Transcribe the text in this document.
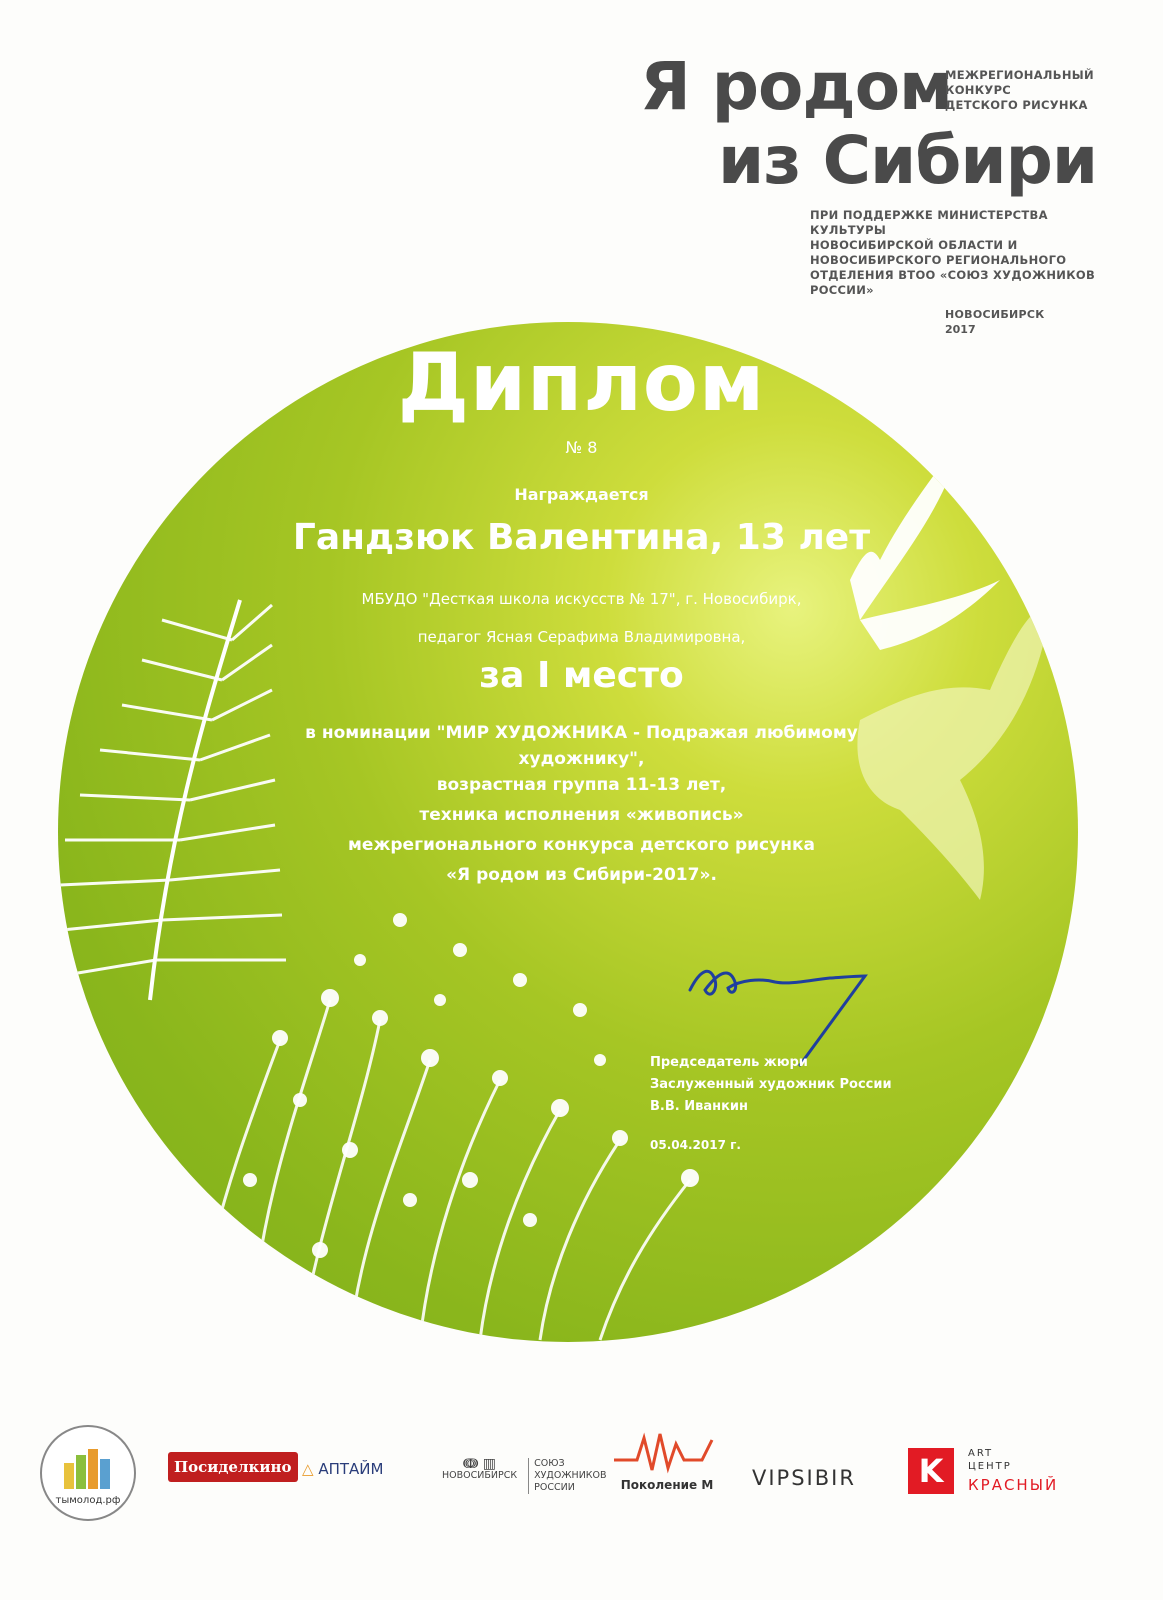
Я родом
из Сибири
МЕЖРЕГИОНАЛЬНЫЙ
КОНКУРС
ДЕТСКОГО РИСУНКА
ПРИ ПОДДЕРЖКЕ МИНИСТЕРСТВА КУЛЬТУРЫ
НОВОСИБИРСКОЙ ОБЛАСТИ И
НОВОСИБИРСКОГО РЕГИОНАЛЬНОГО
ОТДЕЛЕНИЯ ВТОО «СОЮЗ ХУДОЖНИКОВ
РОССИИ»
НОВОСИБИРСК
2017
Диплом
№ 8
Награждается
Гандзюк Валентина, 13 лет
МБУДО "Десткая школа искусств № 17", г. Новосибирк,
педагог Ясная Серафима Владимировна,
за I место
в номинации "МИР ХУДОЖНИКА - Подражая любимому
художнику",
возрастная группа 11-13 лет,
техника исполнения «живопись»
межрегионального конкурса детского рисунка
«Я родом из Сибири-2017».
Председатель жюри
Заслуженный художник России
В.В. Иванкин
05.04.2017 г.
тымолод.рф
Посиделкино △ АПТАЙМ	ↈ ▥
НОВОСИБИРСК

СОЮЗ
ХУДОЖНИКОВ
РОССИИ	Поколение М	VIPSIBIR	K	ART
ЦЕНТР
КРАСНЫЙ
